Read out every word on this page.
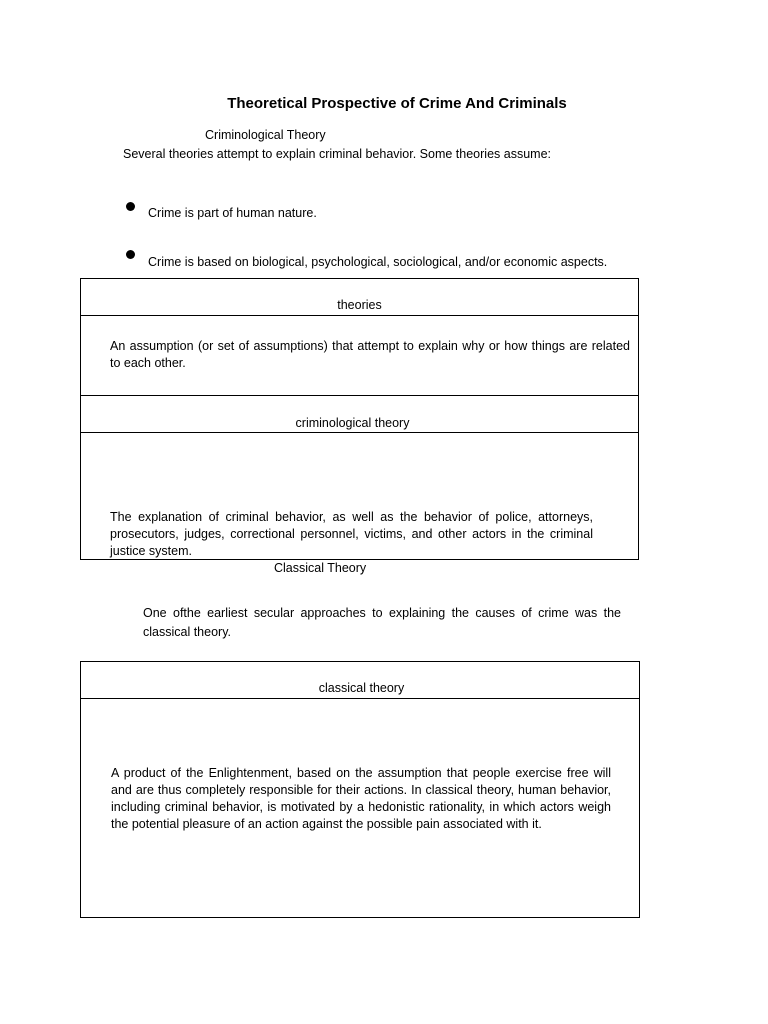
Theoretical Prospective of Crime And Criminals
Criminological Theory
Several theories attempt to explain criminal behavior. Some theories assume:
Crime is part of human nature.
Crime is based on biological, psychological, sociological, and/or economic aspects.
theories
An assumption (or set of assumptions) that attempt to explain why or how things are related to each other.
criminological theory
The explanation of criminal behavior, as well as the behavior of police, attorneys, prosecutors, judges, correctional personnel, victims, and other actors in the criminal justice system.
Classical Theory
One ofthe earliest secular approaches to explaining the causes of crime was the classical theory.
classical theory
A product of the Enlightenment, based on the assumption that people exercise free will and are thus completely responsible for their actions. In classical theory, human behavior, including criminal behavior, is motivated by a hedonistic rationality, in which actors weigh the potential pleasure of an action against the possible pain associated with it.
